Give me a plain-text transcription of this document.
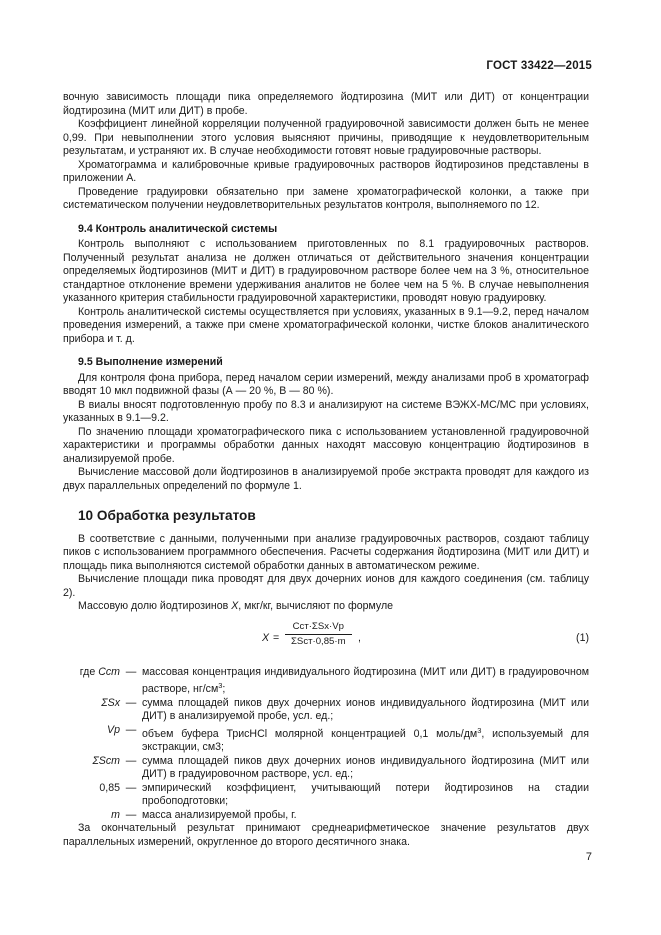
ГОСТ 33422—2015

вочную зависимость площади пика определяемого йодтирозина (МИТ или ДИТ) от концентрации йодтирозина (МИТ или ДИТ) в пробе.

Коэффициент линейной корреляции полученной градуировочной зависимости должен быть не менее 0,99. При невыполнении этого условия выясняют причины, приводящие к неудовлетворительным результатам, и устраняют их. В случае необходимости готовят новые градуировочные растворы.

Хроматограмма и калибровочные кривые градуировочных растворов йодтирозинов представлены в приложении А.

Проведение градуировки обязательно при замене хроматографической колонки, а также при систематическом получении неудовлетворительных результатов контроля, выполняемого по 12.

9.4 Контроль аналитической системы

Контроль выполняют с использованием приготовленных по 8.1 градуировочных растворов. Полученный результат анализа не должен отличаться от действительного значения концентрации определяемых йодтирозинов (МИТ и ДИТ) в градуировочном растворе более чем на 3 %, относительное стандартное отклонение времени удерживания аналитов не более чем на 5 %. В случае невыполнения указанного критерия стабильности градуировочной характеристики, проводят новую градуировку.

Контроль аналитической системы осуществляется при условиях, указанных в 9.1—9.2, перед началом проведения измерений, а также при смене хроматографической колонки, чистке блоков аналитического прибора и т. д.

9.5 Выполнение измерений

Для контроля фона прибора, перед началом серии измерений, между анализами проб в хроматограф вводят 10 мкл подвижной фазы (А — 20 %, В — 80 %).

В виалы вносят подготовленную пробу по 8.3 и анализируют на системе ВЭЖХ-МС/МС при условиях, указанных в 9.1—9.2.

По значению площади хроматографического пика с использованием установленной градуировочной характеристики и программы обработки данных находят массовую концентрацию йодтирозинов в анализируемой пробе.

Вычисление массовой доли йодтирозинов в анализируемой пробе экстракта проводят для каждого из двух параллельных определений по формуле 1.

10 Обработка результатов

В соответствие с данными, полученными при анализе градуировочных растворов, создают таблицу пиков с использованием программного обеспечения. Расчеты содержания йодтирозина (МИТ или ДИТ) и площадь пика выполняются системой обработки данных в автоматическом режиме.

Вычисление площади пика проводят для двух дочерних ионов для каждого соединения (см. таблицу 2).

Массовую долю йодтирозинов X, мкг/кг, вычисляют по формуле

X =
Cст·ΣSx·Vр
ΣSст·0,85·m	,	(1)
где Cст — массовая концентрация индивидуального йодтирозина (МИТ или ДИТ) в градуировочном растворе, $нг/см^3$;
ΣSx — сумма площадей пиков двух дочерних ионов индивидуального йодтирозина (МИТ или ДИТ) в анализируемой пробе, усл. ед.;
Vр — объем буфера ТрисHCl молярной концентрацией 0,1 моль/$дм^3$, используемый для экстракции, см3;
ΣSст — сумма площадей пиков двух дочерних ионов индивидуального йодтирозина (МИТ или ДИТ) в градуировочном растворе, усл. ед.;
0,85 — эмпирический коэффициент, учитывающий потери йодтирозинов на стадии пробоподготовки;
m — масса анализируемой пробы, г.

За окончательный результат принимают среднеарифметическое значение результатов двух параллельных измерений, округленное до второго десятичного знака.

7
